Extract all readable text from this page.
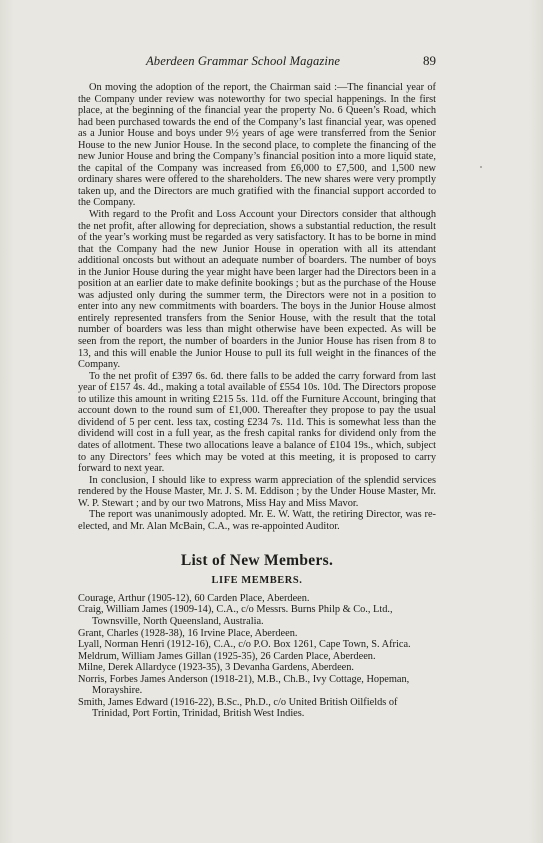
Aberdeen Grammar School Magazine	89

On moving the adoption of the report, the Chairman said :—The financial year of the Company under review was noteworthy for two special happenings. In the first place, at the beginning of the financial year the property No. 6 Queen’s Road, which had been purchased towards the end of the Company’s last financial year, was opened as a Junior House and boys under 9½ years of age were transferred from the Senior House to the new Junior House. In the second place, to complete the financing of the new Junior House and bring the Company’s financial position into a more liquid state, the capital of the Company was increased from £6,000 to £7,500, and 1,500 new ordinary shares were offered to the shareholders. The new shares were very promptly taken up, and the Directors are much gratified with the financial support accorded to the Company.

With regard to the Profit and Loss Account your Directors consider that although the net profit, after allowing for depreciation, shows a substantial reduction, the result of the year’s working must be regarded as very satisfactory. It has to be borne in mind that the Company had the new Junior House in operation with all its attendant additional oncosts but without an adequate number of boarders. The number of boys in the Junior House during the year might have been larger had the Directors been in a position at an earlier date to make definite bookings ; but as the purchase of the House was adjusted only during the summer term, the Directors were not in a position to enter into any new commitments with boarders. The boys in the Junior House almost entirely represented transfers from the Senior House, with the result that the total number of boarders was less than might otherwise have been expected. As will be seen from the report, the number of boarders in the Junior House has risen from 8 to 13, and this will enable the Junior House to pull its full weight in the finances of the Company.

To the net profit of £397 6s. 6d. there falls to be added the carry forward from last year of £157 4s. 4d., making a total available of £554 10s. 10d. The Directors propose to utilize this amount in writing £215 5s. 11d. off the Furniture Account, bringing that account down to the round sum of £1,000. Thereafter they propose to pay the usual dividend of 5 per cent. less tax, costing £234 7s. 11d. This is somewhat less than the dividend will cost in a full year, as the fresh capital ranks for dividend only from the dates of allotment. These two allocations leave a balance of £104 19s., which, subject to any Directors’ fees which may be voted at this meeting, it is proposed to carry forward to next year.

In conclusion, I should like to express warm appreciation of the splendid services rendered by the House Master, Mr. J. S. M. Eddison ; by the Under House Master, Mr. W. P. Stewart ; and by our two Matrons, Miss Hay and Miss Mavor.

The report was unanimously adopted. Mr. E. W. Watt, the retiring Director, was re-elected, and Mr. Alan McBain, C.A., was re-appointed Auditor.

List of New Members.
LIFE MEMBERS.
Courage, Arthur (1905-12), 60 Carden Place, Aberdeen.
Craig, William James (1909-14), C.A., c/o Messrs. Burns Philp & Co., Ltd., Townsville, North Queensland, Australia.
Grant, Charles (1928-38), 16 Irvine Place, Aberdeen.
Lyall, Norman Henri (1912-16), C.A., c/o P.O. Box 1261, Cape Town, S. Africa.
Meldrum, William James Gillan (1925-35), 26 Carden Place, Aberdeen.
Milne, Derek Allardyce (1923-35), 3 Devanha Gardens, Aberdeen.
Norris, Forbes James Anderson (1918-21), M.B., Ch.B., Ivy Cottage, Hopeman, Morayshire.
Smith, James Edward (1916-22), B.Sc., Ph.D., c/o United British Oilfields of Trinidad, Port Fortin, Trinidad, British West Indies.
